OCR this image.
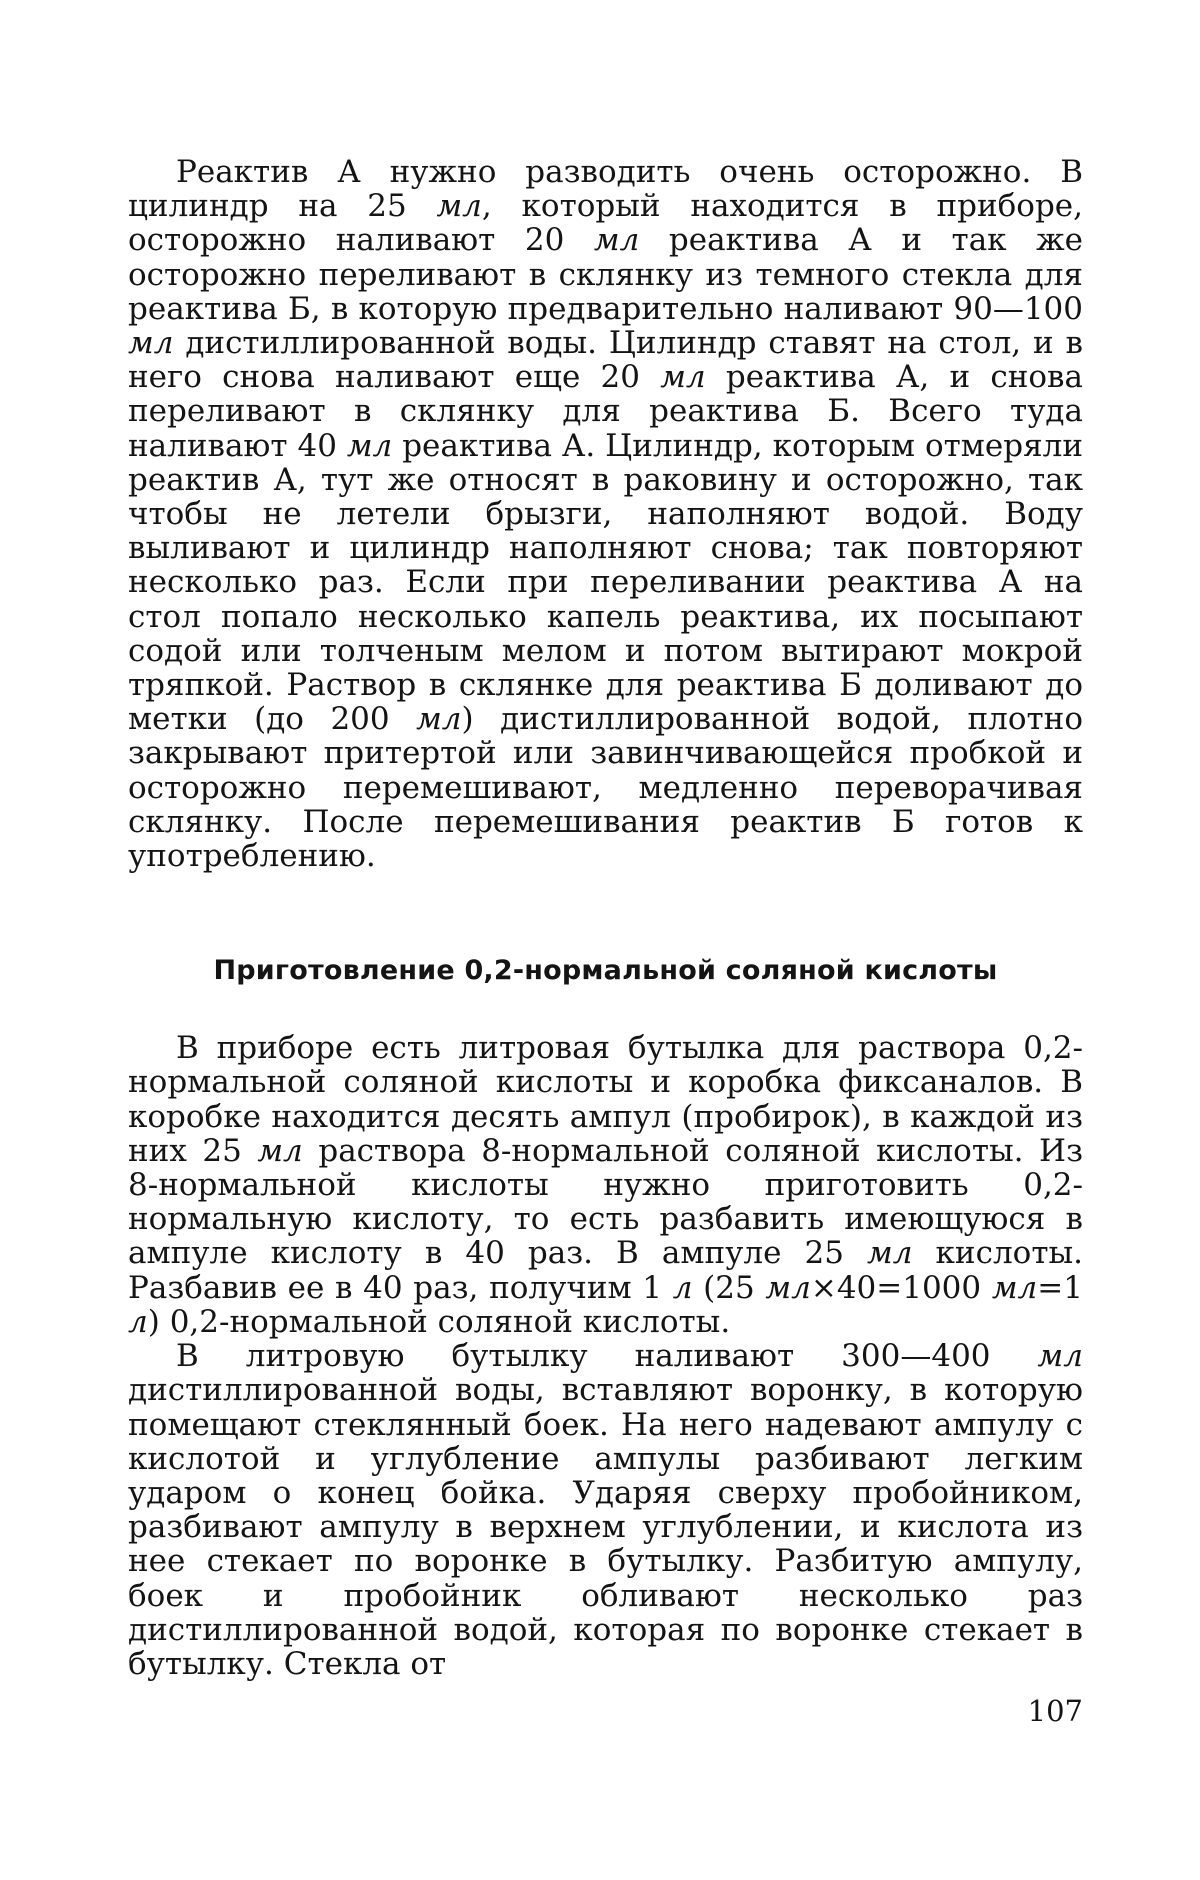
Реактив А нужно разводить очень осторожно. В цилиндр на 25 мл, который находится в приборе, осторожно наливают 20 мл реактива А и так же осторожно переливают в склянку из темного стекла для реактива Б, в которую предварительно наливают 90—100 мл дистиллированной воды. Цилиндр ставят на стол, и в него снова наливают еще 20 мл реактива А, и снова переливают в склянку для реактива Б. Всего туда наливают 40 мл реактива А. Цилиндр, которым отмеряли реактив А, тут же относят в раковину и осторожно, так чтобы не летели брызги, наполняют водой. Воду выливают и цилиндр наполняют снова; так повторяют несколько раз. Если при переливании реактива А на стол попало несколько капель реактива, их посыпают содой или толченым мелом и потом вытирают мокрой тряпкой. Раствор в склянке для реактива Б доливают до метки (до 200 мл) дистиллированной водой, плотно закрывают притертой или завинчивающейся пробкой и осторожно перемешивают, медленно переворачивая склянку. После перемешивания реактив Б готов к употреблению.

Приготовление 0,2-нормальной соляной кислоты

В приборе есть литровая бутылка для раствора 0,2-нормальной соляной кислоты и коробка фиксаналов. В коробке находится десять ампул (пробирок), в каждой из них 25 мл раствора 8-нормальной соляной кислоты. Из 8-нормальной кислоты нужно приготовить 0,2-нормальную кислоту, то есть разбавить имеющуюся в ампуле кислоту в 40 раз. В ампуле 25 мл кислоты. Разбавив ее в 40 раз, получим 1 л (25 мл×40=1000 мл=1 л) 0,2-нормальной соляной кислоты.

В литровую бутылку наливают 300—400 мл дистиллированной воды, вставляют воронку, в которую помещают стеклянный боек. На него надевают ампулу с кислотой и углубление ампулы разбивают легким ударом о конец бойка. Ударяя сверху пробойником, разбивают ампулу в верхнем углублении, и кислота из нее стекает по воронке в бутылку. Разбитую ампулу, боек и пробойник обливают несколько раз дистиллированной водой, которая по воронке стекает в бутылку. Стекла от

107
